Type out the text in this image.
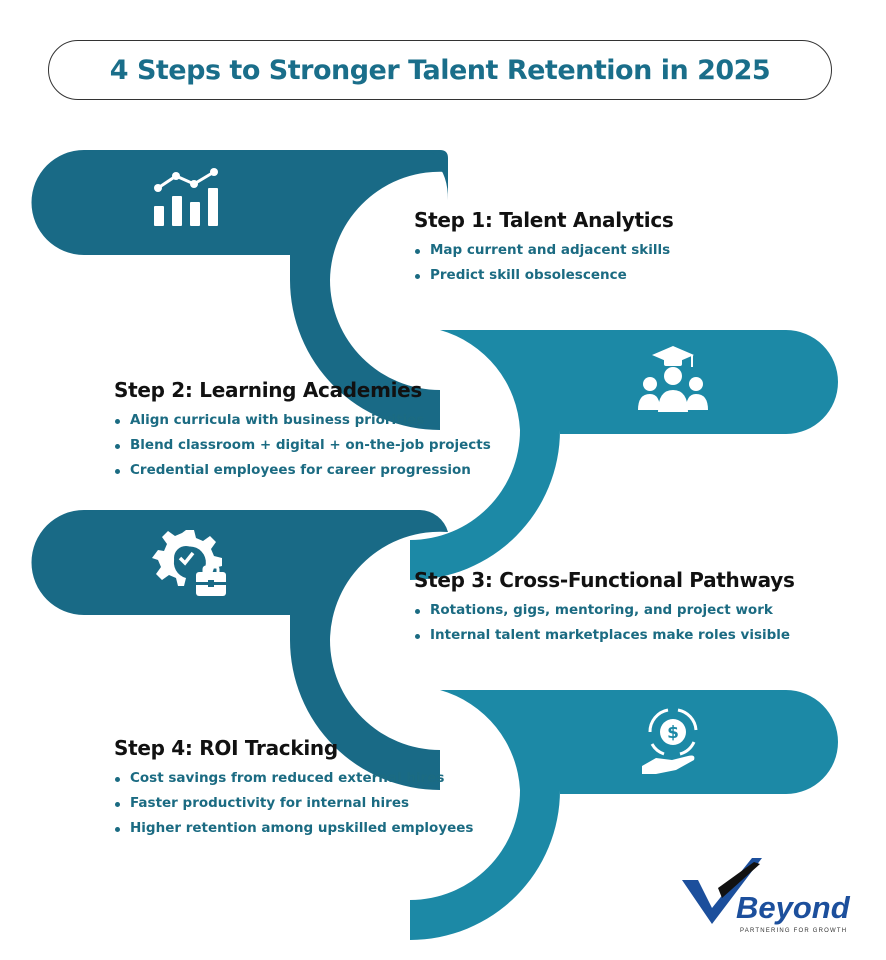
4 Steps to Stronger Talent Retention in 2025
$
Step 1: Talent Analytics
Map current and adjacent skills
Predict skill obsolescence
Step 2: Learning Academies
Align curricula with business priorities
Blend classroom + digital + on-the-job projects
Credential employees for career progression
Step 3: Cross-Functional Pathways
Rotations, gigs, mentoring, and project work
Internal talent marketplaces make roles visible
Step 4: ROI Tracking
Cost savings from reduced external hires
Faster productivity for internal hires
Higher retention among upskilled employees
Beyond
PARTNERING FOR GROWTH
